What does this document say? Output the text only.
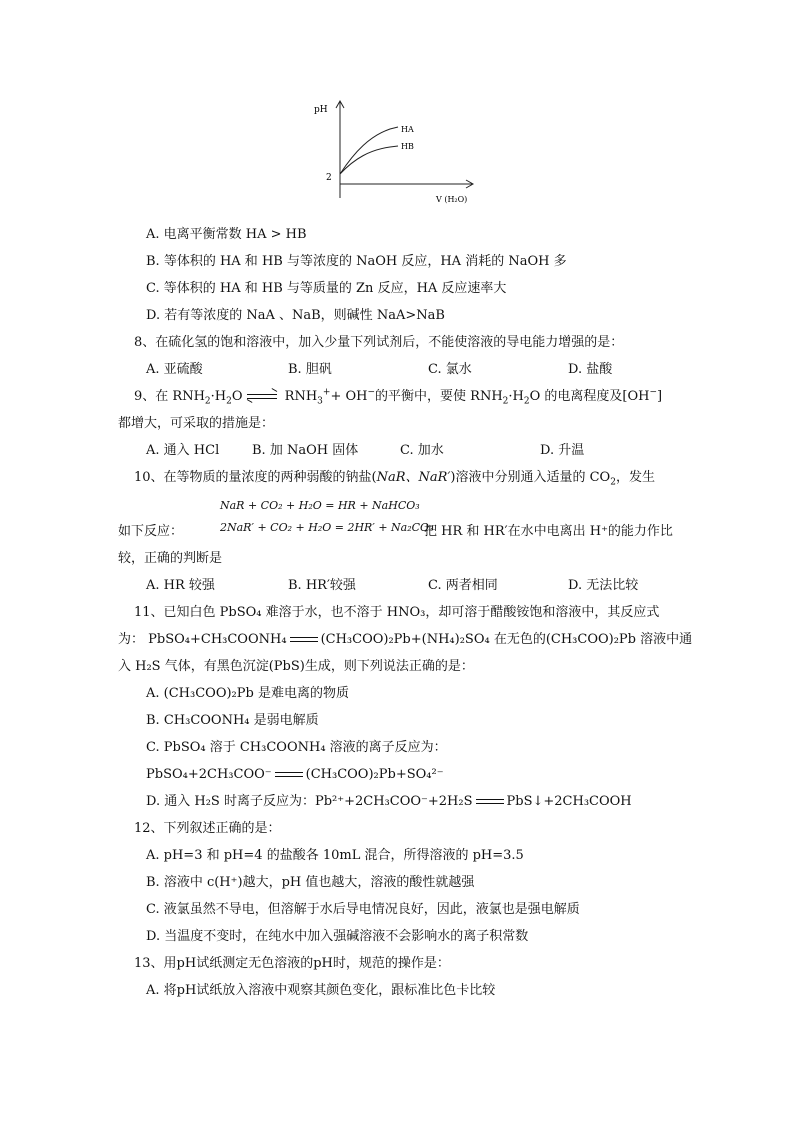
pH
2
V (H₂O)
HA
HB
A. 电离平衡常数 HA > HB
B. 等体积的 HA 和 HB 与等浓度的 NaOH 反应，HA 消耗的 NaOH 多
C. 等体积的 HA 和 HB 与等质量的 Zn 反应，HA 反应速率大
D. 若有等浓度的 NaA 、NaB，则碱性 NaA>NaB
8、在硫化氢的饱和溶液中，加入少量下列试剂后，不能使溶液的导电能力增强的是：
A. 亚硫酸	B. 胆矾	C. 氯水	D. 盐酸
9、在 $RNH_2\cdot H_2O$	$RNH_3^++ OH^-$的平衡中，要使 $RNH_2\cdot H_2O$ 的电离程度及[OH−]
都增大，可采取的措施是：
A. 通入 HCl	B. 加 NaOH 固体	C. 加水	D. 升温
10、在等物质的量浓度的两种弱酸的钠盐(NaR、NaR′)溶液中分别通入适量的 $CO_2$，发生
NaR + CO₂ + H₂O = HR + NaHCO₃
如下反应：	2NaR′ + CO₂ + H₂O = 2HR′ + Na₂CO₃
把 HR 和 HR′在水中电离出 H⁺的能力作比
较，正确的判断是
A. HR 较强	B. HR′较强	C. 两者相同	D. 无法比较
11、已知白色 PbSO₄ 难溶于水，也不溶于 HNO₃，却可溶于醋酸铵饱和溶液中，其反应式
为： PbSO₄+CH₃COONH₄	(CH₃COO)₂Pb+(NH₄)₂SO₄ 在无色的(CH₃COO)₂Pb 溶液中通
入 H₂S 气体，有黑色沉淀(PbS)生成，则下列说法正确的是：
A. (CH₃COO)₂Pb 是难电离的物质
B. CH₃COONH₄ 是弱电解质
C. PbSO₄ 溶于 CH₃COONH₄ 溶液的离子反应为：
PbSO₄+2CH₃COO⁻	(CH₃COO)₂Pb+SO₄²⁻
D. 通入 H₂S 时离子反应为：Pb²⁺+2CH₃COO⁻+2H₂S	PbS↓+2CH₃COOH
12、下列叙述正确的是：
A. pH=3 和 pH=4 的盐酸各 10mL 混合，所得溶液的 pH=3.5
B. 溶液中 c(H⁺)越大，pH 值也越大，溶液的酸性就越强
C. 液氯虽然不导电，但溶解于水后导电情况良好，因此，液氯也是强电解质
D. 当温度不变时，在纯水中加入强碱溶液不会影响水的离子积常数
13、用pH试纸测定无色溶液的pH时，规范的操作是：
A. 将pH试纸放入溶液中观察其颜色变化，跟标准比色卡比较
